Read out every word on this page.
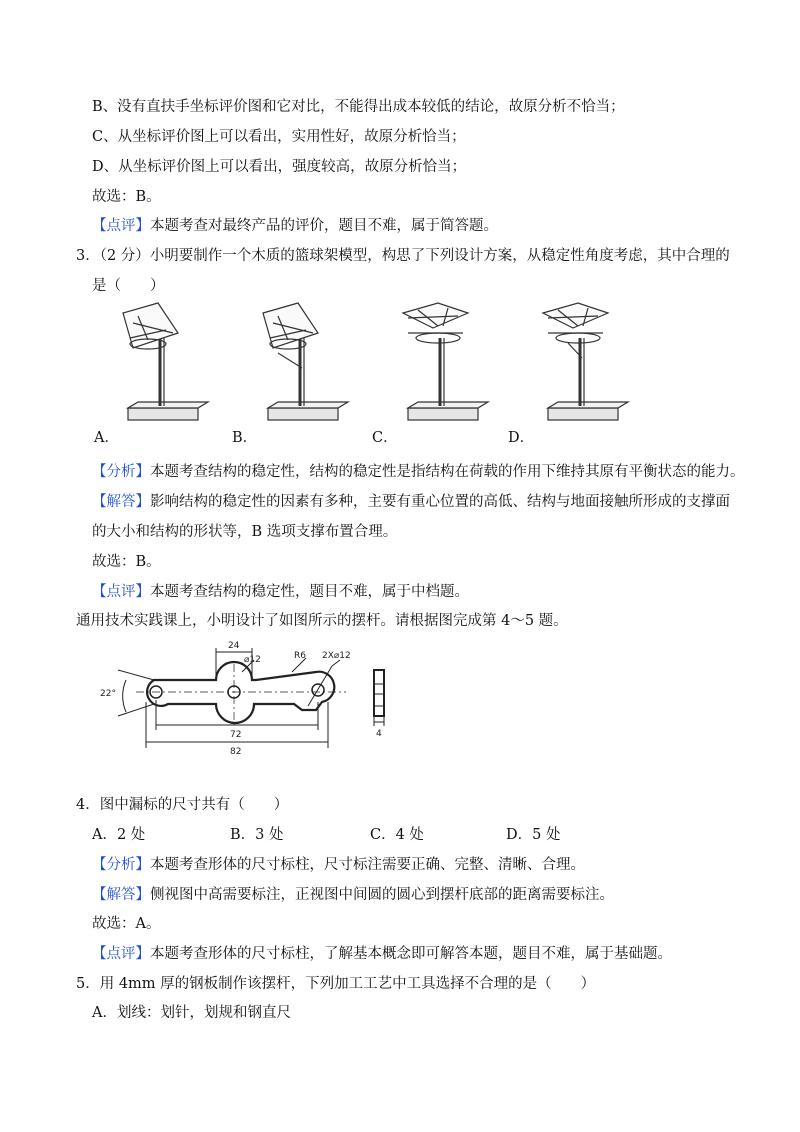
B、没有直扶手坐标评价图和它对比，不能得出成本较低的结论，故原分析不恰当；
C、从坐标评价图上可以看出，实用性好，故原分析恰当；
D、从坐标评价图上可以看出，强度较高，故原分析恰当；
故选：B。
【点评】本题考查对最终产品的评价，题目不难，属于简答题。
3．（2 分）小明要制作一个木质的篮球架模型，构思了下列设计方案，从稳定性角度考虑，其中合理的
是（　　）
A．	B．	C．	D．
【分析】本题考查结构的稳定性，结构的稳定性是指结构在荷载的作用下维持其原有平衡状态的能力。
【解答】影响结构的稳定性的因素有多种，主要有重心位置的高低、结构与地面接触所形成的支撑面
的大小和结构的形状等，B 选项支撑布置合理。
故选：B。
【点评】本题考查结构的稳定性，题目不难，属于中档题。
通用技术实践课上，小明设计了如图所示的摆杆。请根据图完成第 4～5 题。
24
⌀12	R6 2X⌀12
22°
72
82
4
4．图中漏标的尺寸共有（　　）
A．2 处	B．3 处	C．4 处	D．5 处
【分析】本题考查形体的尺寸标柱，尺寸标注需要正确、完整、清晰、合理。
【解答】侧视图中高需要标注，正视图中间圆的圆心到摆杆底部的距离需要标注。
故选：A。
【点评】本题考查形体的尺寸标柱，了解基本概念即可解答本题，题目不难，属于基础题。
5．用 4mm 厚的钢板制作该摆杆，下列加工工艺中工具选择不合理的是（　　）
A．划线：划针，划规和钢直尺
